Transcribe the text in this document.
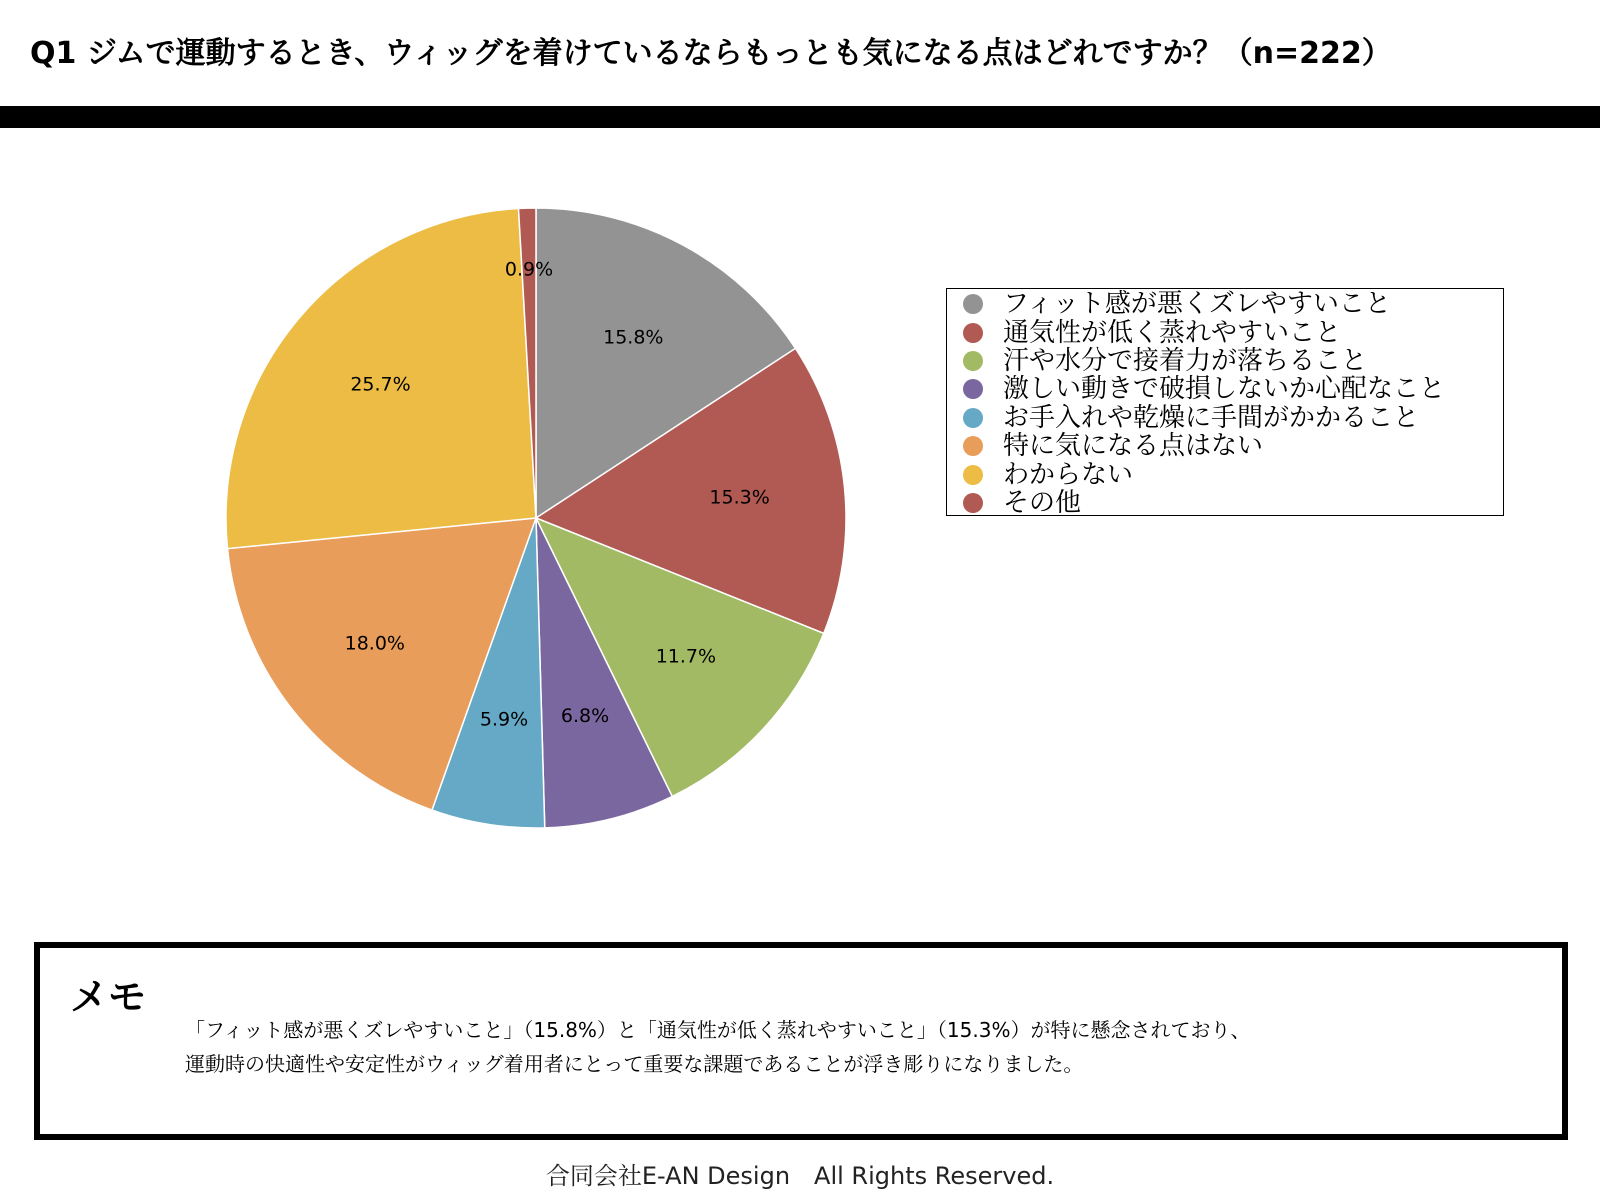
Q1 ジムで運動するとき、ウィッグを着けているならもっとも気になる点はどれですか？（n=222）
15.8%
15.3%
11.7%
6.8%
5.9%
18.0%
25.7%
0.9%
フィット感が悪くズレやすいこと
通気性が低く蒸れやすいこと
汗や水分で接着力が落ちること
激しい動きで破損しないか心配なこと
お手入れや乾燥に手間がかかること
特に気になる点はない
わからない
その他
メモ
「フィット感が悪くズレやすいこと」（15.8%）と「通気性が低く蒸れやすいこと」（15.3%）が特に懸念されており、
運動時の快適性や安定性がウィッグ着用者にとって重要な課題であることが浮き彫りになりました。
合同会社E-AN Design　All Rights Reserved.
